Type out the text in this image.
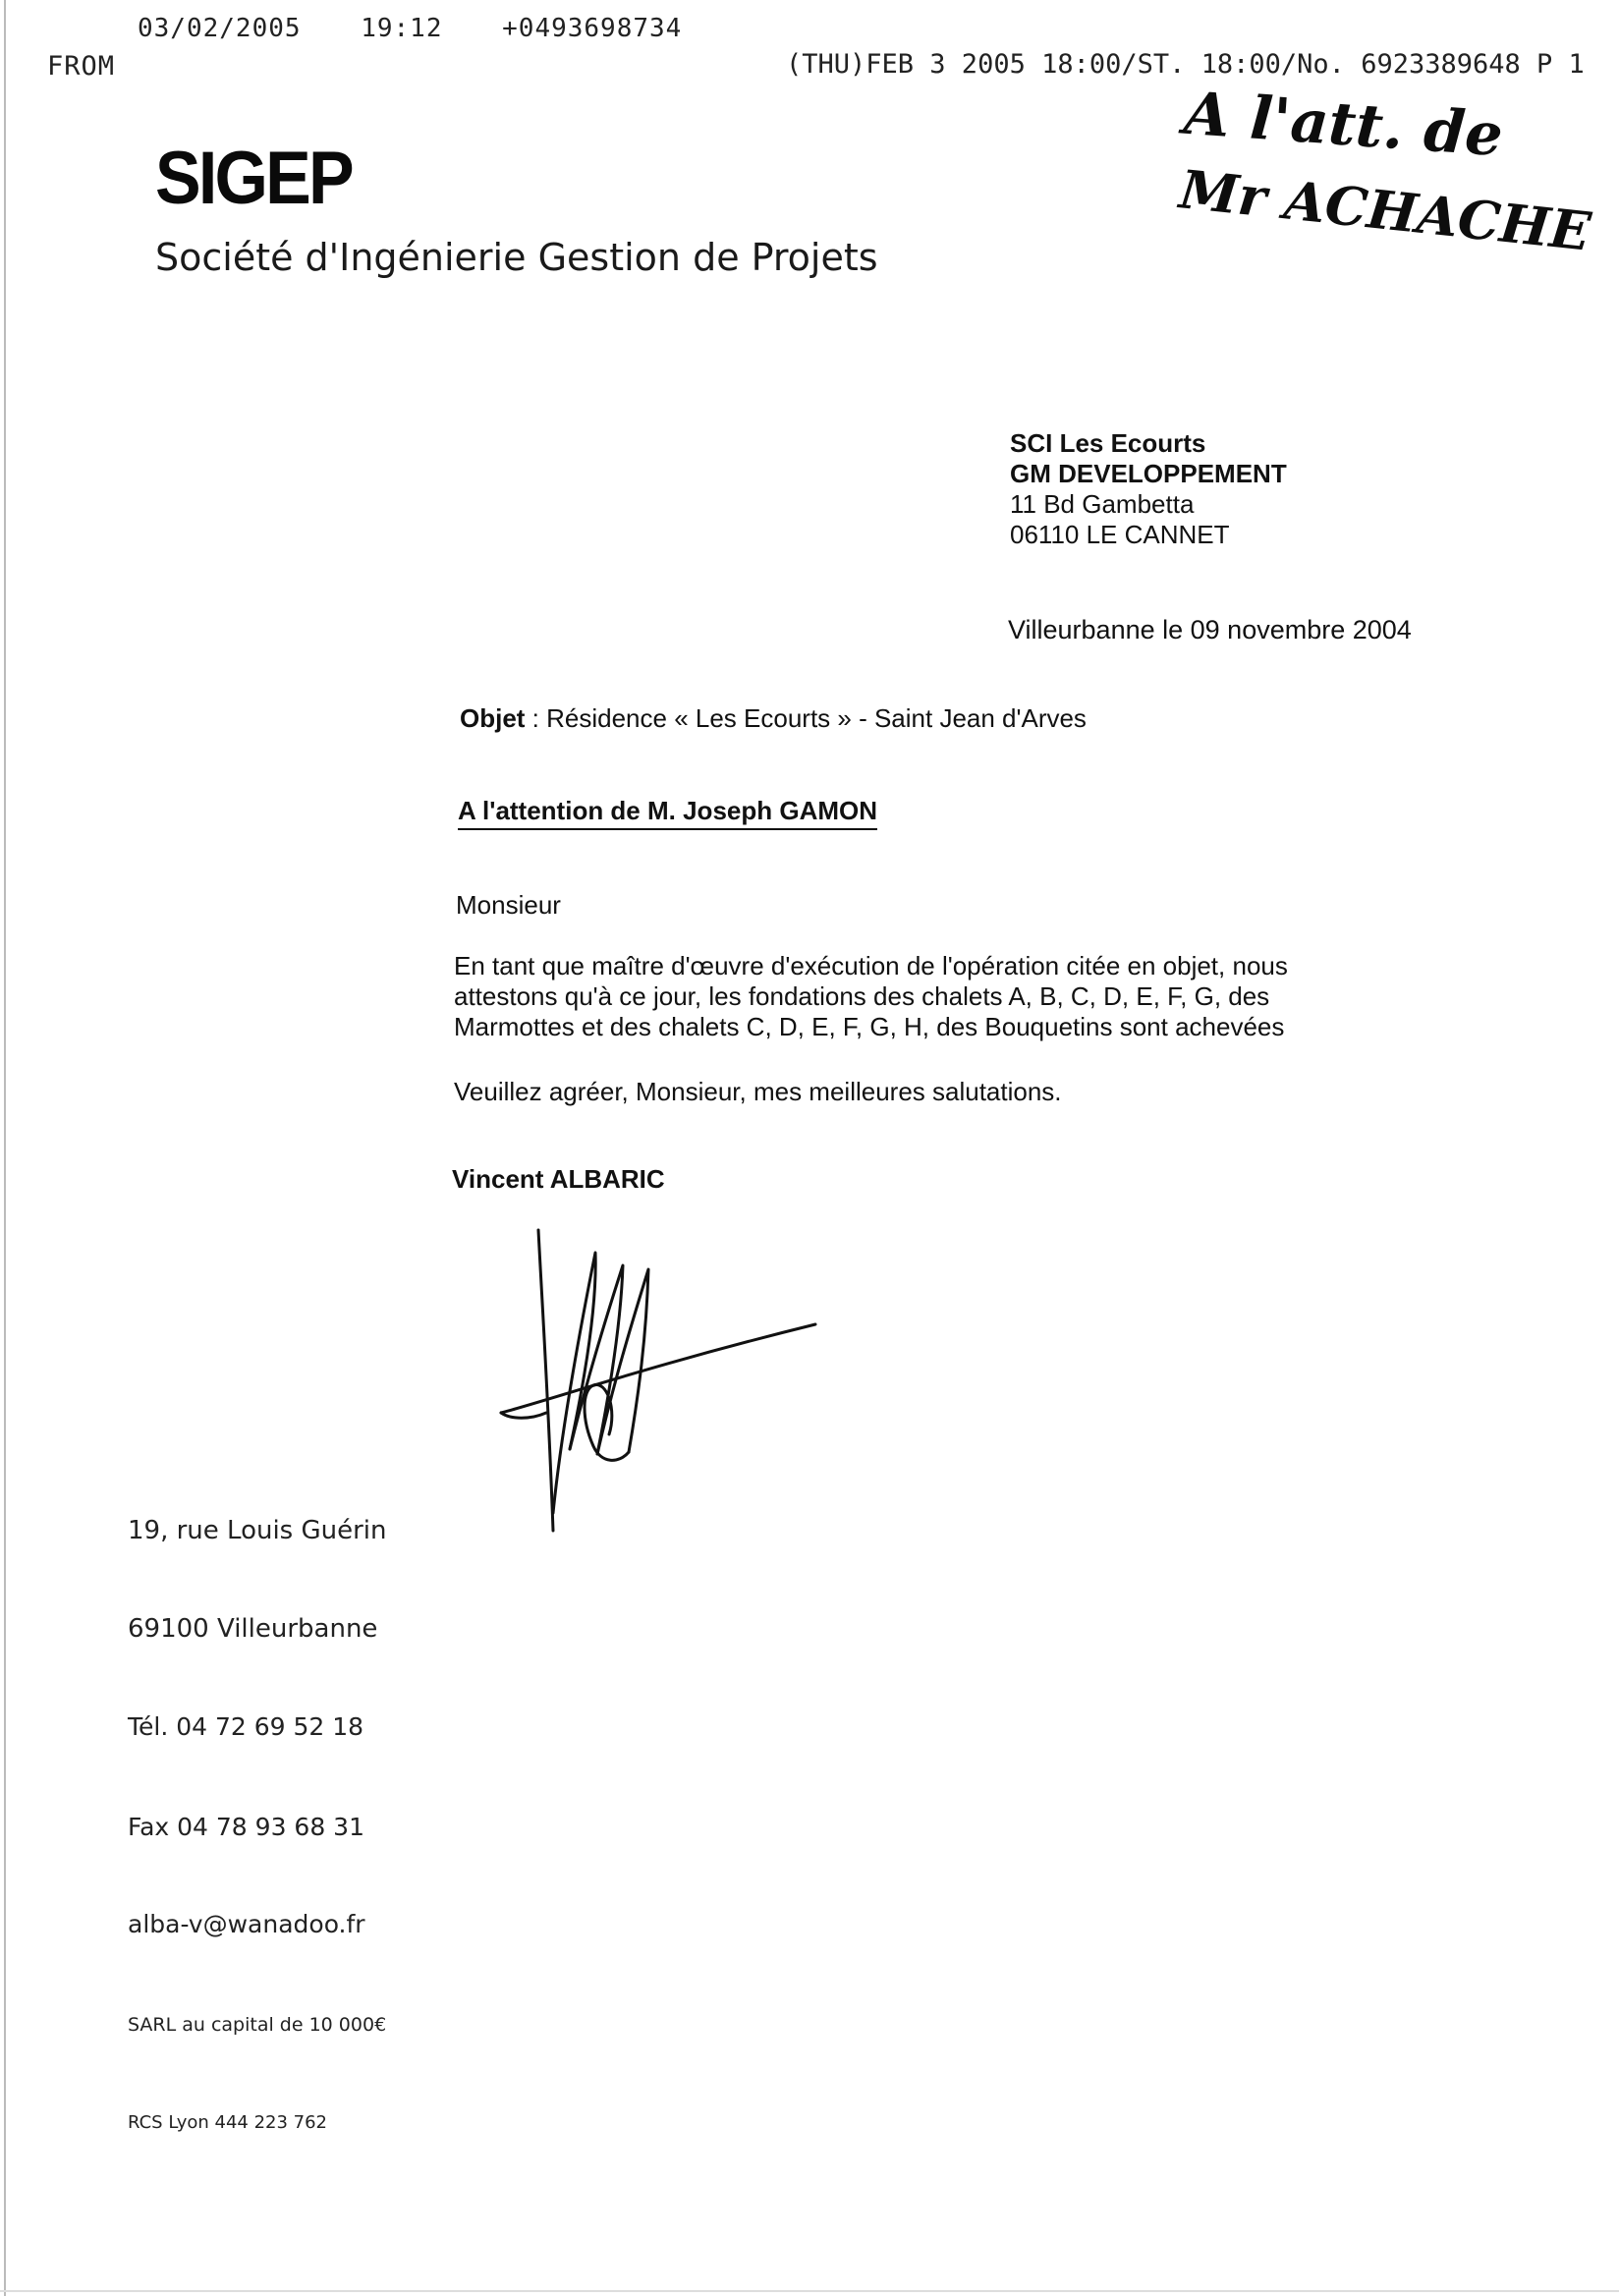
03/02/2005 19:12 +0493698734
FROM	(THU)FEB 3 2005 18:00/ST. 18:00/No. 6923389648 P 1
A l'att. de
Mr ACHACHE
SIGEP
Société d'Ingénierie Gestion de Projets
SCI Les Ecourts
GM DEVELOPPEMENT
11 Bd Gambetta
06110 LE CANNET
Villeurbanne le 09 novembre 2004
Objet : Résidence « Les Ecourts » - Saint Jean d'Arves
A l'attention de M. Joseph GAMON
Monsieur
En tant que maître d'œuvre d'exécution de l'opération citée en objet, nous
attestons qu'à ce jour, les fondations des chalets A, B, C, D, E, F, G, des
Marmottes et des chalets C, D, E, F, G, H, des Bouquetins sont achevées
Veuillez agréer, Monsieur, mes meilleures salutations.
Vincent ALBARIC
19, rue Louis Guérin
69100 Villeurbanne
Tél. 04 72 69 52 18
Fax 04 78 93 68 31
alba-v@wanadoo.fr
SARL au capital de 10 000€
RCS Lyon 444 223 762
